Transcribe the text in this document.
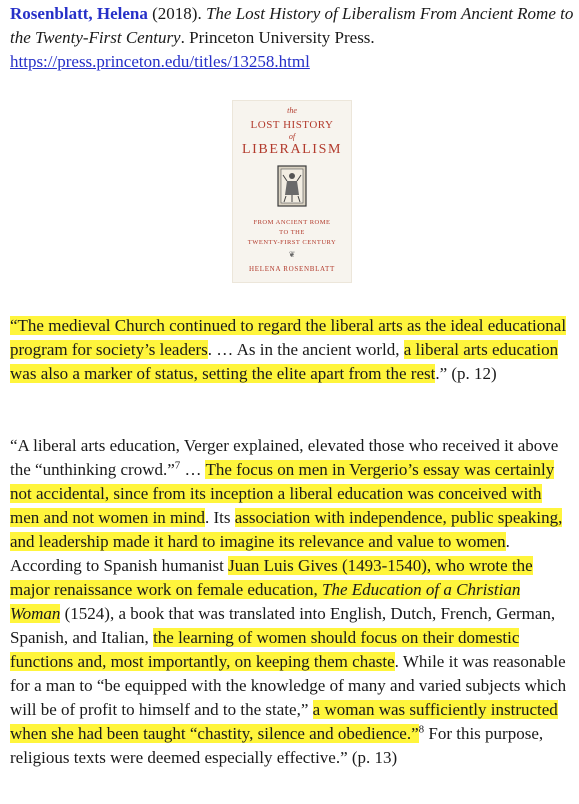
Rosenblatt, Helena (2018). The Lost History of Liberalism From Ancient Rome to the Twenty-First Century. Princeton University Press.
https://press.princeton.edu/titles/13258.html
the
LOST HISTORY
of
LIBERALISM
FROM ANCIENT ROME
TO THE
TWENTY-FIRST CENTURY
❦
HELENA ROSENBLATT

“The medieval Church continued to regard the liberal arts as the ideal educational program for society’s leaders. … As in the ancient world, a liberal arts education was also a marker of status, setting the elite apart from the rest.” (p. 12)

“A liberal arts education, Verger explained, elevated those who received it above the “unthinking crowd.”$^7$ … The focus on men in Vergerio’s essay was certainly not accidental, since from its inception a liberal education was conceived with men and not women in mind. Its association with independence, public speaking, and leadership made it hard to imagine its relevance and value to women. According to Spanish humanist Juan Luis Gives (1493-1540), who wrote the major renaissance work on female education, The Education of a Christian Woman (1524), a book that was translated into English, Dutch, French, German, Spanish, and Italian, the learning of women should focus on their domestic functions and, most importantly, on keeping them chaste. While it was reasonable for a man to “be equipped with the knowledge of many and varied subjects which will be of profit to himself and to the state,” a woman was sufficiently instructed when she had been taught “chastity, silence and obedience.”$^8$ For this purpose, religious texts were deemed especially effective.” (p. 13)
